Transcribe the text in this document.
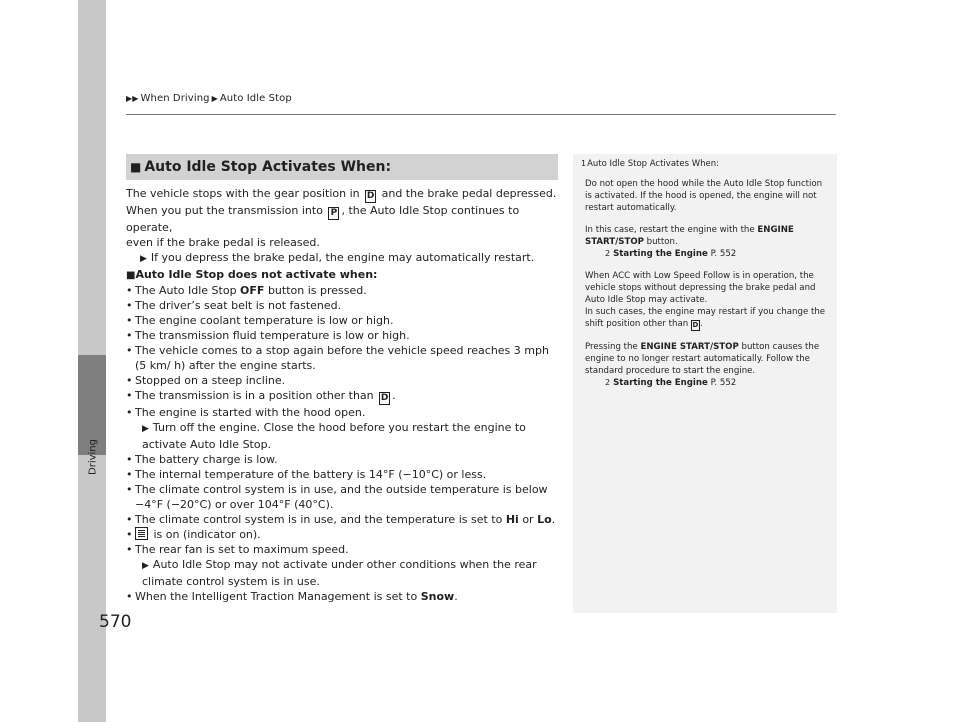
▶▶ When Driving ▶ Auto Idle Stop
Driving
570
■ Auto Idle Stop Activates When:

The vehicle stops with the gear position in D and the brake pedal depressed.
When you put the transmission into P , the Auto Idle Stop continues to operate,
even if the brake pedal is released.

▶ If you depress the brake pedal, the engine may automatically restart.

■Auto Idle Stop does not activate when:

• The Auto Idle Stop OFF button is pressed.
• The driver’s seat belt is not fastened.
• The engine coolant temperature is low or high.
• The transmission fluid temperature is low or high.
• The vehicle comes to a stop again before the vehicle speed reaches 3 mph (5 km/ h) after the engine starts.
• Stopped on a steep incline.
• The transmission is in a position other than D .
• The engine is started with the hood open.
▶ Turn off the engine. Close the hood before you restart the engine to activate Auto Idle Stop.
• The battery charge is low.
• The internal temperature of the battery is 14°F (−10°C) or less.
• The climate control system is in use, and the outside temperature is below −4°F (−20°C) or over 104°F (40°C).
• The climate control system is in use, and the temperature is set to Hi or Lo.
• is on (indicator on).
• The rear fan is set to maximum speed.
▶ Auto Idle Stop may not activate under other conditions when the rear climate control system is in use.
• When the Intelligent Traction Management is set to Snow.
1Auto Idle Stop Activates When:

Do not open the hood while the Auto Idle Stop function is activated. If the hood is opened, the engine will not restart automatically.

In this case, restart the engine with the ENGINE START/STOP button.
2 Starting the Engine P. 552

When ACC with Low Speed Follow is in operation, the vehicle stops without depressing the brake pedal and Auto Idle Stop may activate.

In such cases, the engine may restart if you change the shift position other than D .

Pressing the ENGINE START/STOP button causes the engine to no longer restart automatically. Follow the standard procedure to start the engine.
2 Starting the Engine P. 552
